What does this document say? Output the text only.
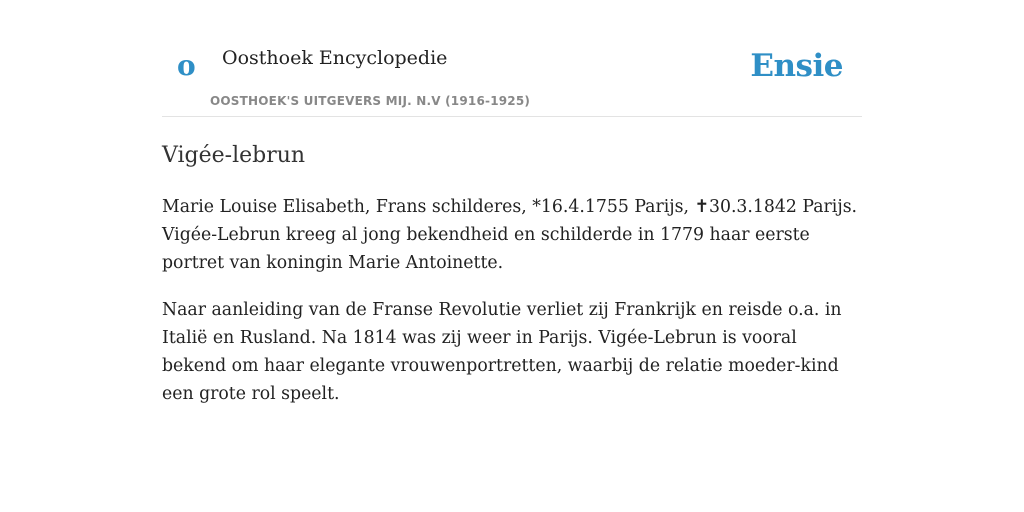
o Oosthoek Encyclopedie
OOSTHOEK'S UITGEVERS MIJ. N.V (1916-1925)
Ensie
Vigée-lebrun

Marie Louise Elisabeth, Frans schilderes, *16.4.1755 Parijs, ✝30.3.1842 Parijs. Vigée-Lebrun kreeg al jong bekendheid en schilderde in 1779 haar eerste portret van koningin Marie Antoinette.

Naar aanleiding van de Franse Revolutie verliet zij Frankrijk en reisde o.a. in Italië en Rusland. Na 1814 was zij weer in Parijs. Vigée-Lebrun is vooral bekend om haar elegante vrouwenportretten, waarbij de relatie moeder-kind een grote rol speelt.
